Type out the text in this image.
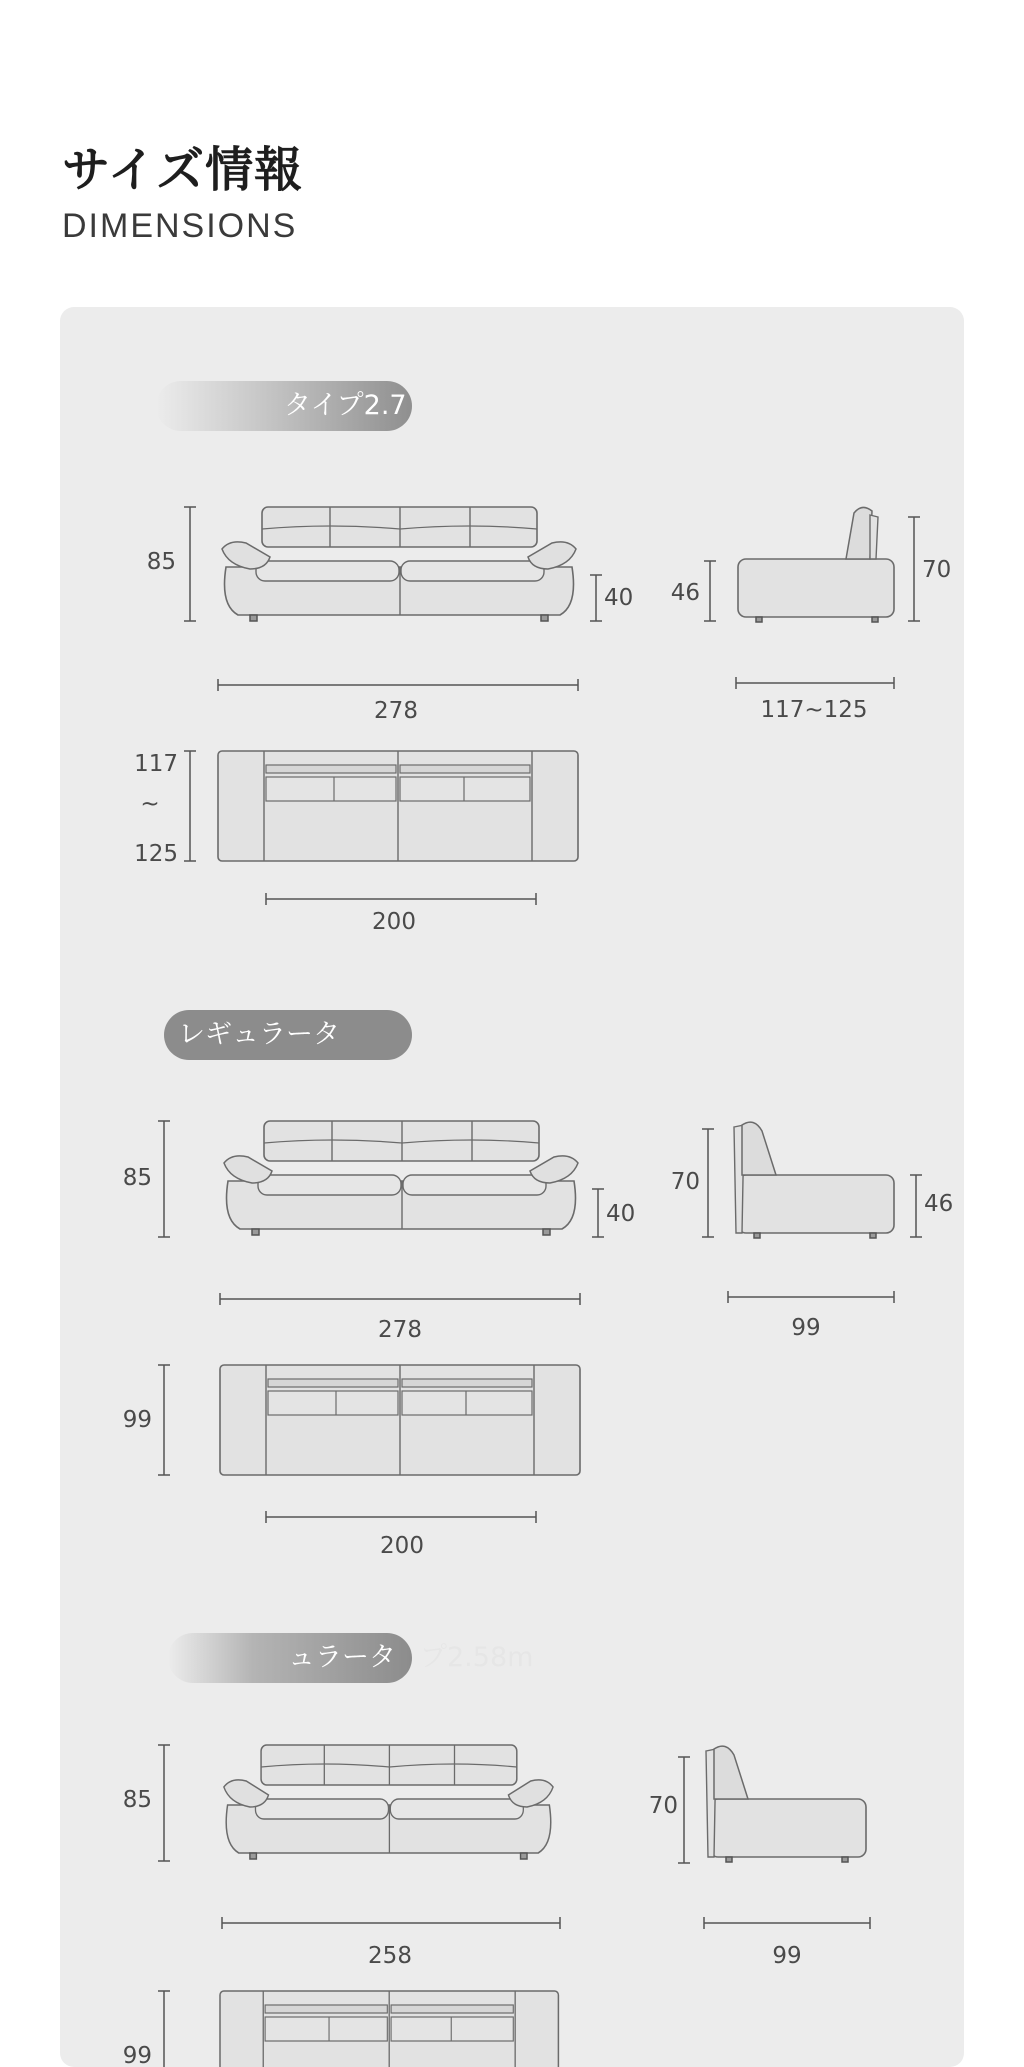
サイズ情報
DIMENSIONS
タイプ2.7
レギュラータ
ュラータ プ2.58m
85
40
278
46
70
117~125
117
~
125
200
85
40
278
70
46
99
99
200
85
258
70
99
99
